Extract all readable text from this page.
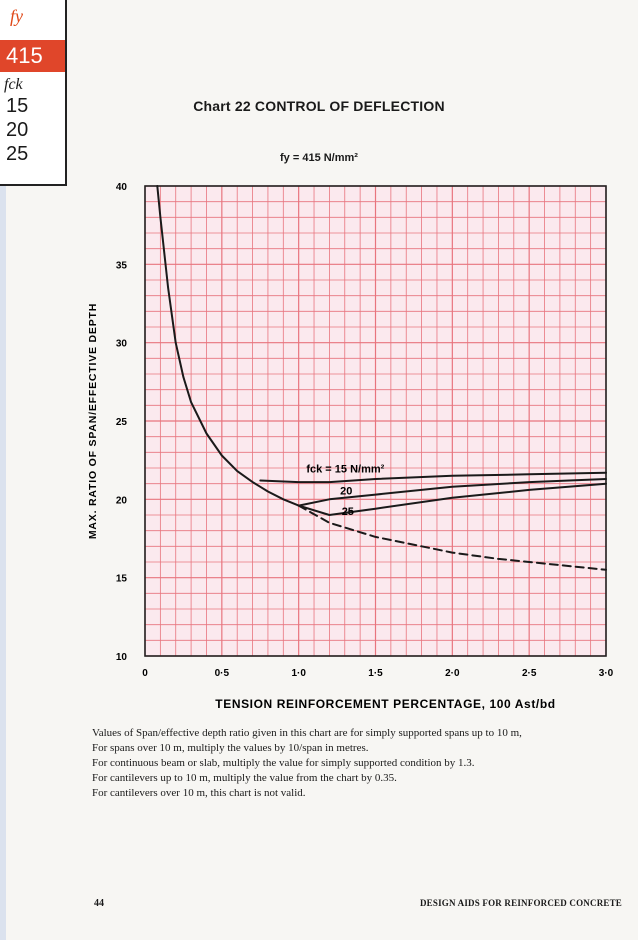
fy
415
fck
15
20
25
Chart 22 CONTROL OF DEFLECTION
fy = 415 N/mm²
0	0·5	1·0	1·5	2·0	2·5	3·0
10
15
20
25
30
35
40
TENSION REINFORCEMENT PERCENTAGE, 100 Ast/bd
MAX. RATIO OF SPAN/EFFECTIVE DEPTH	fck = 15 N/mm²
20
25
Values of Span/effective depth ratio given in this chart are for simply supported spans up to 10 m,
For spans over 10 m, multiply the values by 10/span in metres.
For continuous beam or slab, multiply the value for simply supported condition by 1.3.
For cantilevers up to 10 m, multiply the value from the chart by 0.35.
For cantilevers over 10 m, this chart is not valid.
44	DESIGN AIDS FOR REINFORCED CONCRETE
